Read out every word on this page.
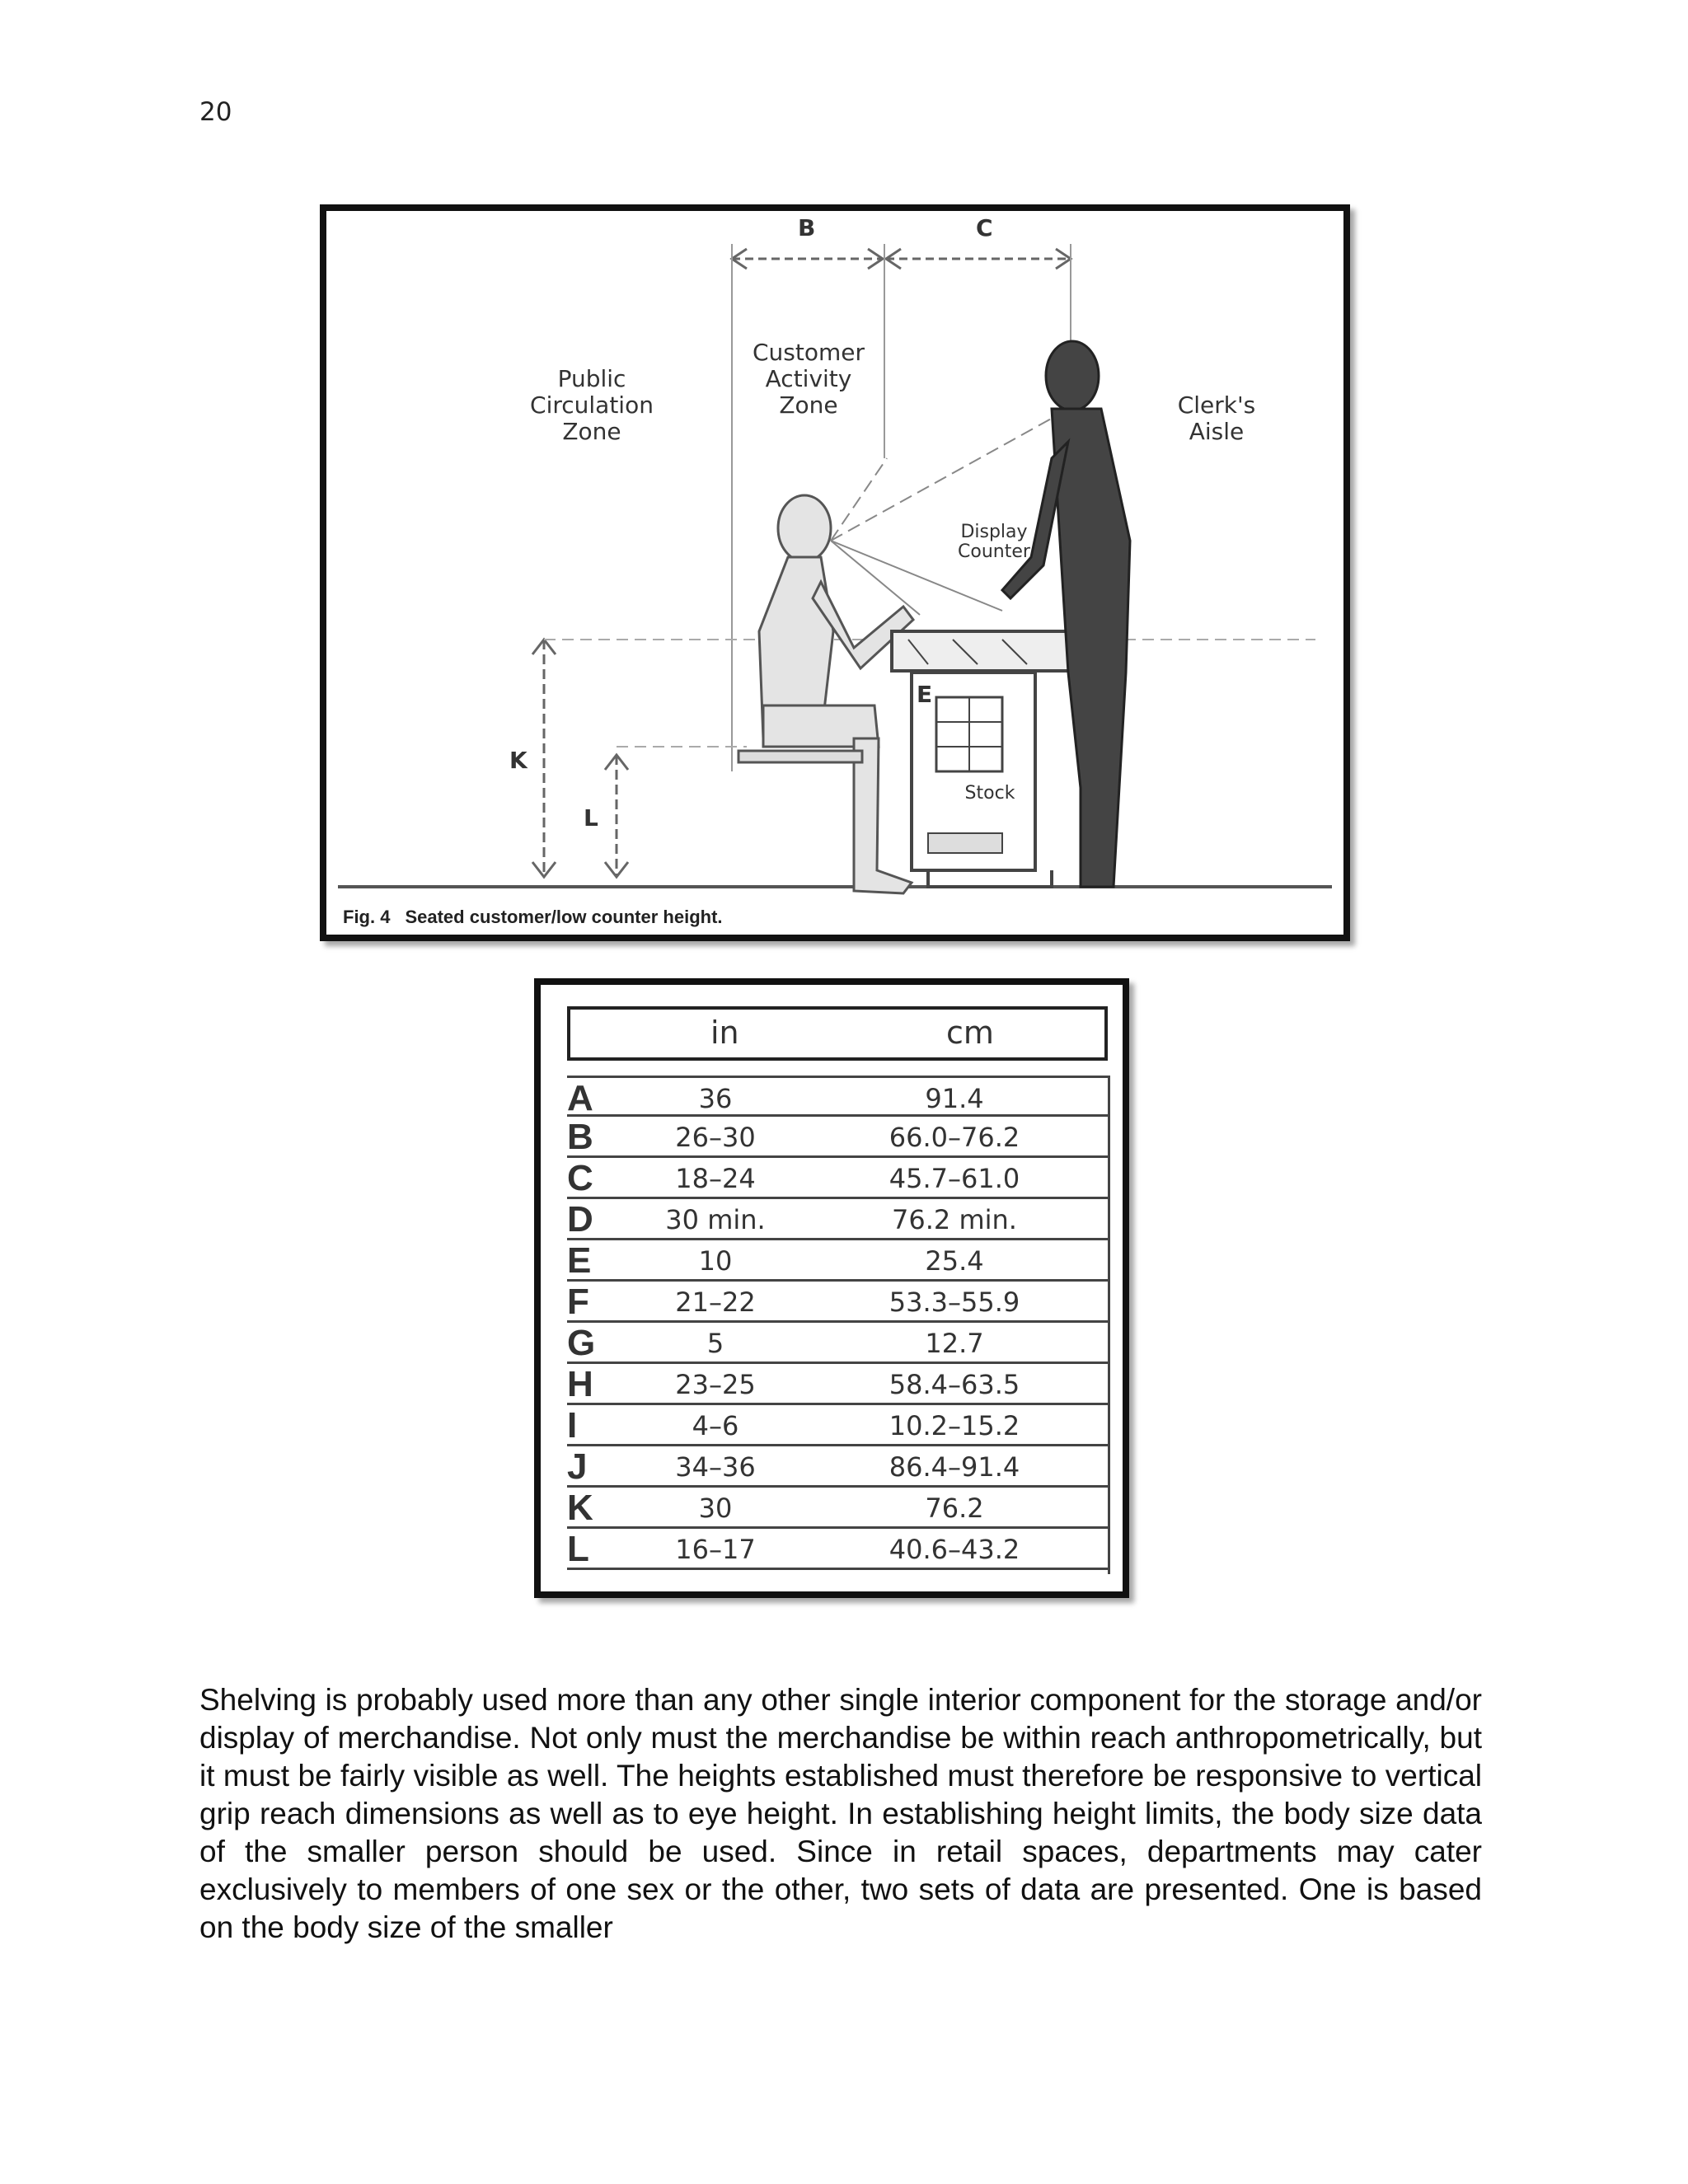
20
B	C
E
K
L
Public
Circulation
Zone
Customer
Activity
Zone	Clerk's
Aisle
Display
Counter
Stock
Fig. 4 Seated customer/low counter height.
in	cm
A	36	91.4
B	26–30	66.0–76.2
C	18–24	45.7–61.0
D	30 min.	76.2 min.
E	10	25.4
F	21–22	53.3–55.9
G	5	12.7
H	23–25	58.4–63.5
I	4–6	10.2–15.2
J	34–36	86.4–91.4
K	30	76.2
L	16–17	40.6–43.2

Shelving is probably used more than any other single interior component for the storage and/or display of merchandise. Not only must the merchandise be within reach anthropometrically, but it must be fairly visible as well. The heights established must therefore be responsive to vertical grip reach dimensions as well as to eye height. In establishing height limits, the body size data of the smaller person should be used. Since in retail spaces, departments may cater exclusively to members of one sex or the other, two sets of data are presented. One is based on the body size of the smaller
